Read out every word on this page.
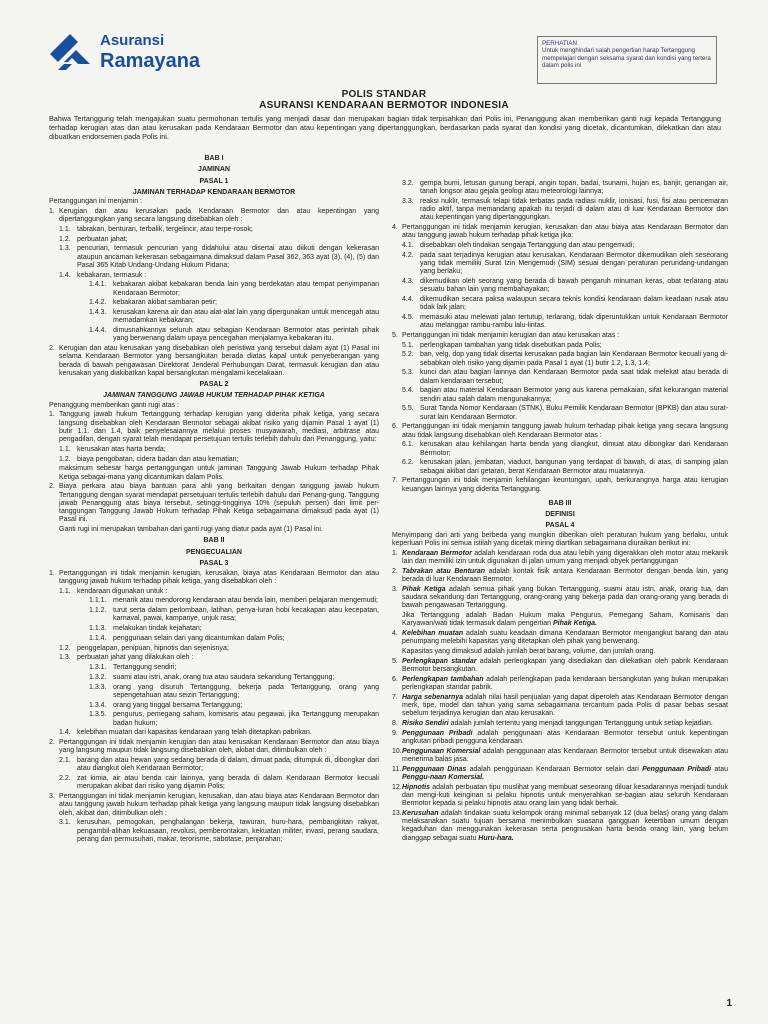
Asuransi
Ramayana
PERHATIAN
Untuk menghindari salah pengertian harap Tertanggung mempelajari dengan seksama syarat dan kondisi yang tertera dalam polis ini
POLIS STANDAR
ASURANSI KENDARAAN BERMOTOR INDONESIA
Bahwa Tertanggung telah mengajukan suatu permohonan tertulis yang menjadi dasar dan merupakan bagian tidak terpisahkan dari Polis ini, Penanggung akan memberikan ganti rugi kepada Tertanggung terhadap kerugian atas dan atau kerusakan pada Kendaraan Bermotor dan atau kepentingan yang dipertanggungkan, berdasarkan pada syarat dan kondisi yang dicetak, dicantumkan, dilekatkan dan atau dibuatkan endorsemen pada Polis ini.
BAB I
JAMINAN
PASAL 1
JAMINAN TERHADAP KENDARAAN BERMOTOR
Pertanggungan ini menjamin :
1. Kerugian dan atau kerusakan pada Kendaraan Bermotor dan atau kepentingan yang dipertanggungkan yang secara langsung disebabkan oleh :
1.1. tabrakan, benturan, terbalik, tergelincir, atau terpe-rosok;
1.2. perbuatan jahat;
1.3. pencurian, termasuk pencurian yang didahului atau disertai atau diikuti dengan kekerasan ataupun ancaman kekerasan sebagaimana dimaksud dalam Pasal 362, 363 ayat (3), (4), (5) dan Pasal 365 Kitab Undang-Undang Hukum Pidana;
1.4. kebakaran, termasuk :
1.4.1. kebakaran akibat kebakaran benda lain yang berdekatan atau tempat penyimpanan Kendaraan Bermotor;
1.4.2. kebakaran akibat sambaran petir;
1.4.3. kerusakan karena air dan atau alat-alat lain yang dipergunakan untuk mencegah atau memadamkan kebakaran;
1.4.4. dimusnahkannya seluruh atau sebagian Kendaraan Bermotor atas perintah pihak yang berwenang dalam upaya pencegahan menjalarnya kebakaran itu.
2. Kerugian dan atau kerusakan yang disebabkan oleh peristiwa yang tersebut dalam ayat (1) Pasal ini selama Kendaraan Bermotor yang bersangkutan berada diatas kapal untuk penyeberangan yang berada di bawah pengawasan Direktorat Jenderal Perhubungan Darat, termasuk kerugian dan atau kerusakan yang diakibatkan kapal bersangkutan mengalami kecelakaan.
PASAL 2
JAMINAN TANGGUNG JAWAB HUKUM TERHADAP PIHAK KETIGA
Penanggung memberikan ganti rugi atas :
1. Tanggung jawab hukum Tertanggung terhadap kerugian yang diderita pihak ketiga, yang secara langsung disebabkan oleh Kendaraan Bermotor sebagai akibat risiko yang dijamin Pasal 1 ayat (1) butir 1.1. dan 1.4, baik penyelesaiannya melalui proses musyawarah, mediasi, arbitrase atau pengadilan, dengan syarat telah mendapat persetujuan tertulis terlebih dahulu dari Penanggung, yaitu:
1.1. kerusakan atas harta benda;
1.2. biaya pengobatan, cidera badan dan atau kematian;
maksimum sebesar harga pertanggungan untuk jaminan Tanggung Jawab Hukum terhadap Pihak Ketiga sebagai-mana yang dicantumkan dalam Polis.
2. Biaya perkara atau biaya bantuan para ahli yang berkaitan dengan tanggung jawab hukum Tertanggung dengan syarat mendapat persetujuan tertulis terlebih dahulu dari Penang-gung. Tanggung jawab Penanggung atas biaya tersebut, setinggi-tingginya 10% (sepuluh persen) dari limit per-tanggungan Tanggung Jawab Hukum terhadap Pihak Ketiga sebagaimana dimaksud pada ayat (1) Pasal ini.
Ganti rugi ini merupakan tambahan dari ganti rugi yang diatur pada ayat (1) Pasal ini.
BAB II
PENGECUALIAN
PASAL 3
1. Pertanggungan ini tidak menjamin kerugian, kerusakan, biaya atas Kendaraan Bermotor dan atau tanggung jawab hukum terhadap pihak ketiga, yang disebabkan oleh :
1.1. kendaraan digunakan untuk :
1.1.1. menarik atau mendorong kendaraan atau benda lain, memberi pelajaran mengemudi;
1.1.2. turut serta dalam perlombaan, latihan, penya-luran hobi kecakapan atau kecepatan, karnaval, pawai, kampanye, unjuk rasa;
1.1.3. melakukan tindak kejahatan;
1.1.4. penggunaan selain dari yang dicantumkan dalam Polis;
1.2. penggelapan, penipuan, hipnotis dan sejenisnya;
1.3. perbuatan jahat yang dilakukan oleh :
1.3.1. Tertanggung sendiri;
1.3.2. suami atau istri, anak, orang tua atau saudara sekandung Tertanggung;
1.3.3. orang yang disuruh Tertanggung, bekerja pada Tertanggung, orang yang sepengetahuan atau seizin Tertanggung;
1.3.4. orang yang tinggal bersama Tertanggung;
1.3.5. pengurus, pemegang saham, komisaris atau pegawai, jika Tertanggung merupakan badan hukum;
1.4. kelebihan muatan dari kapasitas kendaraan yang telah ditetapkan pabrikan.
2. Pertanggungan ini tidak menjamin kerugian dan atau kerusakan Kendaraan Bermotor dan atau biaya yang langsung maupun tidak langsung disebabkan oleh, akibat dari, ditimbulkan oleh :
2.1. barang dan atau hewan yang sedang berada di dalam, dimuat pada, ditumpuk di, dibongkar dari atau diangkut oleh Kendaraan Bermotor;
2.2. zat kimia, air atau benda cair lainnya, yang berada di dalam Kendaraan Bermotor kecuali merupakan akibat dari risiko yang dijamin Polis;
3. Pertanggungan ini tidak menjamin kerugian, kerusakan, dan atau biaya atas Kendaraan Bermotor dan atau tanggung jawab hukum terhadap pihak ketiga yang langsung maupun tidak langsung disebabkan oleh, akibat dari, ditimbulkan oleh :
3.1. kerusuhan, pemogokan, penghalangan bekerja, tawuran, huru-hara, pembangkitan rakyat, pengambil-alihan kekuasaan, revolusi, pemberontakan, kekuatan militer, invasi, perang saudara, perang dan permusuhan, makar, terorisme, sabotase, penjarahan;
3.2. gempa bumi, letusan gunung berapi, angin topan, badai, tsunami, hujan es, banjir, genangan air, tanah longsor atau gejala geologi atau meteorologi lainnya;
3.3. reaksi nuklir, termasuk telapi tidak terbatas pada radiasi nuklir, ionisasi, fusi, fisi atau pencemaran radio aktif, tanpa memandang apakah itu terjadi di dalam atau di luar Kendaraan Bermotor dan atau kepentingan yang dipertanggungkan.
4. Pertanggungan ini tidak menjamin kerugian, kerusakan dan atau biaya atas Kendaraan Bermotor dan atau tanggung jawab hukum terhadap pihak ketiga jika:
4.1. disebabkan oleh tindakan sengaja Tertanggung dan atau pengemudi;
4.2. pada saat terjadinya kerugian atau kerusakan, Kendaraan Bermotor dikemudikan oleh seseorang yang tidak memiliki Surat Izin Mengemudi (SIM) sesuai dengan peraturan perundang-undangan yang berlaku;
4.3. dikemudikan oleh seorang yang berada di bawah pengaruh minuman keras, obat terlarang atau sesuatu bahan lain yang membahayakan;
4.4. dikemudikan secara paksa walaupun secara teknis kondisi kendaraan dalam keadaan rusak atau tidak laik jalan;
4.5. memasuki atau melewati jalan tertutup, terlarang, tidak diperuntukkan untuk Kendaraan Bermotor atau melanggar rambu-rambu lalu-lintas.
5. Pertanggungan ini tidak menjamin kerugian dan atau kerusakan atas :
5.1. perlengkapan tambahan yang tidak disebutkan pada Polis;
5.2. ban, velg, dop yang tidak disertai kerusakan pada bagian lain Kendaraan Bermotor kecuali yang di-sebabkan oleh risiko yang dijamin pada Pasal 1 ayat (1) butir 1.2, 1.3, 1.4;
5.3. kunci dan atau bagian lainnya dari Kendaraan Bermotor pada saat tidak melekat atau berada di dalam kendaraan tersebut;
5.4. bagian atau material Kendaraan Bermotor yang aus karena pemakaian, sifat kekurangan material sendiri atau salah dalam mengunakannya;
5.5. Surat Tanda Nomor Kendaraan (STNK), Buku Pemilik Kendaraan Bermotor (BPKB) dan atau surat-surat lain Kendaraan Bermotor.
6. Pertanggungan ini tidak menjamin tanggung jawab hukum terhadap pihak ketiga yang secara langsung atau tidak langsung disebabkan oleh Kendaraan Bermotor atas :
6.1. kerusakan atau kehilangan harta benda yang diangkut, dimuat atau dibongkar dari Kendaraan Bermotor;
6.2. kerusakan jalan, jembatan, viaduct, bangunan yang terdapat di bawah, di atas, di samping jalan sebagai akibat dari getaran, berat Kendaraan Bermotor atau muatannya.
7. Pertanggungan ini tidak menjamin kehilangan keuntungan, upah, berkurangnya harga atau kerugian keuangan lainnya yang diderita Tertanggung.
BAB III
DEFINISI
PASAL 4
Menyimpang dari arti yang berbeda yang mungkin diberikan oleh peraturan hukum yang berlaku, untuk keperluan Polis ini semua istilah yang dicetak miring diartikan sebagaimana diuraikan berikut ini:
1. Kendaraan Bermotor adalah kendaraan roda dua atau lebih yang digerakkan oleh motor atau mekanik lain dan memiliki izin untuk digunakan di jalan umum yang menjadi obyek pertanggungan
2. Tabrakan atau Benturan adalah kontak fisik antara Kendaraan Bermotor dengan benda lain, yang berada di luar Kendaraan Bermotor.
3. Pihak Ketiga adalah semua pihak yang bukan Tertanggung, suami atau istri, anak, orang tua, dan saudara sekandung dari Tertanggung, orang-orang yang bekerja pada dan orang-orang yang berada di bawah pengawasan Tertanggung.
Jika Tertanggung adalah Badan Hukum maka Pengurus, Pemegang Saham, Komisaris dan Karyawan/wati tidak termasuk dalam pengertian Pihak Ketiga.
4. Kelebihan muatan adalah suatu keadaan dimana Kendaraan Bermotor mengangkut barang dan atau penumpang melebihi kapasitas yang ditetapkan oleh pihak yang berwenang.
Kapasitas yang dimaksud adalah jumlah berat barang, volume, dan jumlah orang.
5. Perlengkapan standar adalah perlengkapan yang disediakan dan dilekatkan oleh pabrik Kendaraan Bermotor bersangkutan.
6. Perlengkapan tambahan adalah perlengkapan pada kendaraan bersangkutan yang bukan merupakan perlengkapan standar pabrik.
7. Harga sebenarnya adalah nilai hasil penjualan yang dapat diperoleh atas Kendaraan Bermotor dengan merk, tipe, model dan tahun yang sama sebagaimana tercantum pada Polis di pasar bebas sesaat sebelum terjadinya kerugian dan atau kerusakan.
8. Risiko Sendiri adalah jumlah tertentu yang menjadi tanggungan Tertanggung untuk setiap kejadian.
9. Penggunaan Pribadi adalah penggunaan atas Kendaraan Bermotor tersebut untuk kepentingan angkutan pribadi pengguna kendaraan.
10. Penggunaan Komersial adalah penggunaan atas Kendaraan Bermotor tersebut untuk disewakan atau menerima balas jasa.
11. Penggunaan Dinas adalah penggunaan Kendaraan Bermotor selain dari Penggunaan Pribadi atau Penggu-naan Komersial.
12. Hipnotis adalah perbuatan tipu muslihat yang membuat seseorang diluar kesadarannya menjadi tunduk dan mengi-kuti keinginan si pelaku hipnotis untuk menyerahkan se-bagian atau seluruh Kendaraan Bermotor kepada si pelaku hipnotis atau orang lain yang tidak berhak.
13. Kerusuhan adalah tindakan suatu kelompok orang minimal sebanyak 12 (dua belas) orang yang dalam melaksanakan suatu tujuan bersama menimbulkan suasana gangguan ketertiban umum dengan kegaduhan dan menggunakan kekerasan serta pengrusakan harta benda orang lain, yang belum dianggap sebagai suatu Huru-hara.
1
